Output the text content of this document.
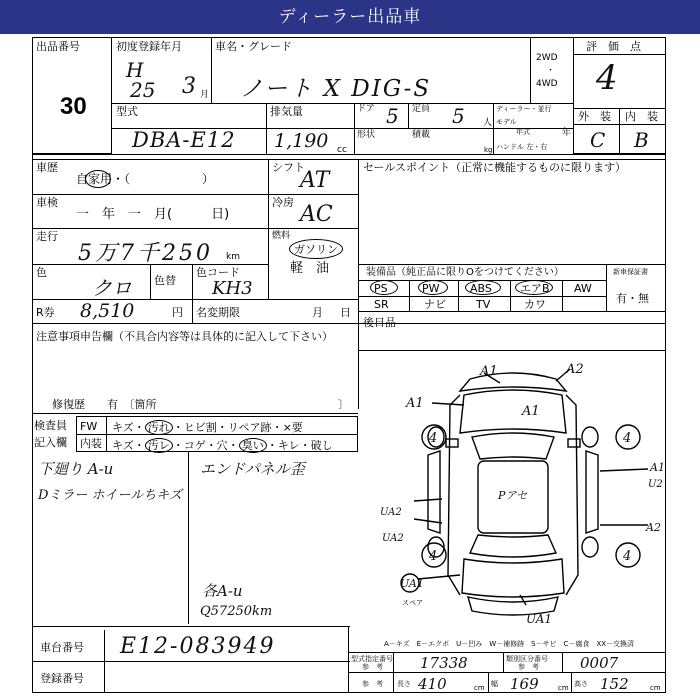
ディーラー出品車
出品番号
30
初度登録年月
H
25 3 月
車名・グレード
ノート X DIG-S
2WD
・
4WD
評　価　点
4
外　装 内　装
C B
型式
DBA-E12
排気量
1,190 cc
ドア 5 定員 5 人
ディーラー・並行
モデル
年式	年
形状	積載
kg ハンドル 左・右
車歴
自家用・（　　　　　　）
シフト
AT
車検
一　年　一　月(　　　日)
冷房 AC
走行
5万7千250 km
燃料
ガソリン
軽　油
色
クロ 色替
色コード
KH3
R券 8,510	円 名変期限	月 日
注意事項申告欄（不具合内容等は具体的に記入して下さい）
修復歴　　有　〔箇所	〕
セールスポイント（正常に機能するものに限ります）
装備品（純正品に限りOをつけてください）	新車保証書
有・無
PS	PW	ABS	エアB AW
SR	ナビ	TV	カワ
後日品
検査員
記入欄
FW キズ・ 汚れ ・ヒビ割・リペア跡・×要
内装 キズ・ 汚レ ・コゲ・穴・ 臭い ・キレ・破し
下廻り A-u
Dミラー ホイールちキズ
エンドパネル歪
各A-u
Q57250km
A1	A2
A1
A1
4	4
A1
U2
Pアセ
UA2
UA2
A2
4	4
UA1
UA1
スペア
A－キズ　E－エクボ　U－凹み　W－補修跡　S－サビ　C－腐食　XX－交換済
車台番号 E12-083949
登録番号
型式指定番号
参　考 17338	類別区分番号
参　考	0007
参　考 長さ 410	cm 幅 169	cm 高さ 152	cm
